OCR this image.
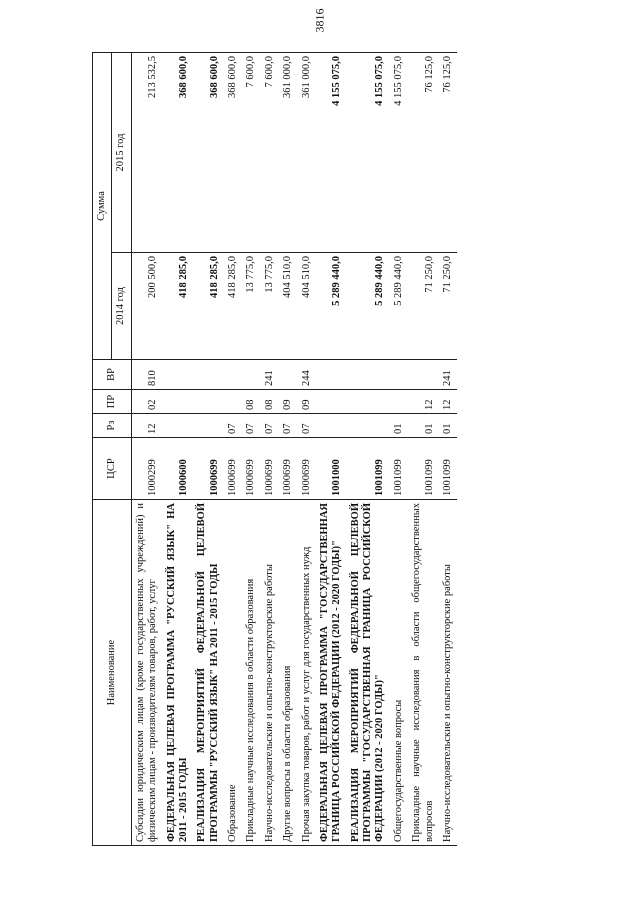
3816
Наименование	ЦСР	Рз	ПР	ВР	Сумма	
					2014 год	2015 год
Субсидии юридическим лицам (кроме государственных учреждений) и физическим лицам - производителям товаров, работ, услуг	1000299	12	02	810	200 500,0	213 532,5
ФЕДЕРАЛЬНАЯ ЦЕЛЕВАЯ ПРОГРАММА "РУССКИЙ ЯЗЫК" НА 2011 - 2015 ГОДЫ	1000600				418 285,0	368 600,0
РЕАЛИЗАЦИЯ МЕРОПРИЯТИЙ ФЕДЕРАЛЬНОЙ ЦЕЛЕВОЙ ПРОГРАММЫ "РУССКИЙ ЯЗЫК" НА 2011 - 2015 ГОДЫ	1000699				418 285,0	368 600,0
Образование	1000699	07			418 285,0	368 600,0
Прикладные научные исследования в области образования	1000699	07	08		13 775,0	7 600,0
Научно-исследовательские и опытно-конструкторские работы	1000699	07	08	241	13 775,0	7 600,0
Другие вопросы в области образования	1000699	07	09		404 510,0	361 000,0
Прочая закупка товаров, работ и услуг для государственных нужд	1000699	07	09	244	404 510,0	361 000,0
ФЕДЕРАЛЬНАЯ ЦЕЛЕВАЯ ПРОГРАММА "ГОСУДАРСТВЕННАЯ ГРАНИЦА РОССИЙСКОЙ ФЕДЕРАЦИИ (2012 - 2020 ГОДЫ)"	1001000				5 289 440,0	4 155 075,0
РЕАЛИЗАЦИЯ МЕРОПРИЯТИЙ ФЕДЕРАЛЬНОЙ ЦЕЛЕВОЙ ПРОГРАММЫ "ГОСУДАРСТВЕННАЯ ГРАНИЦА РОССИЙСКОЙ ФЕДЕРАЦИИ (2012 - 2020 ГОДЫ)"	1001099				5 289 440,0	4 155 075,0
Общегосударственные вопросы	1001099	01			5 289 440,0	4 155 075,0
Прикладные научные исследования в области общегосударственных вопросов	1001099	01	12		71 250,0	76 125,0
Научно-исследовательские и опытно-конструкторские работы	1001099	01	12	241	71 250,0	76 125,0
